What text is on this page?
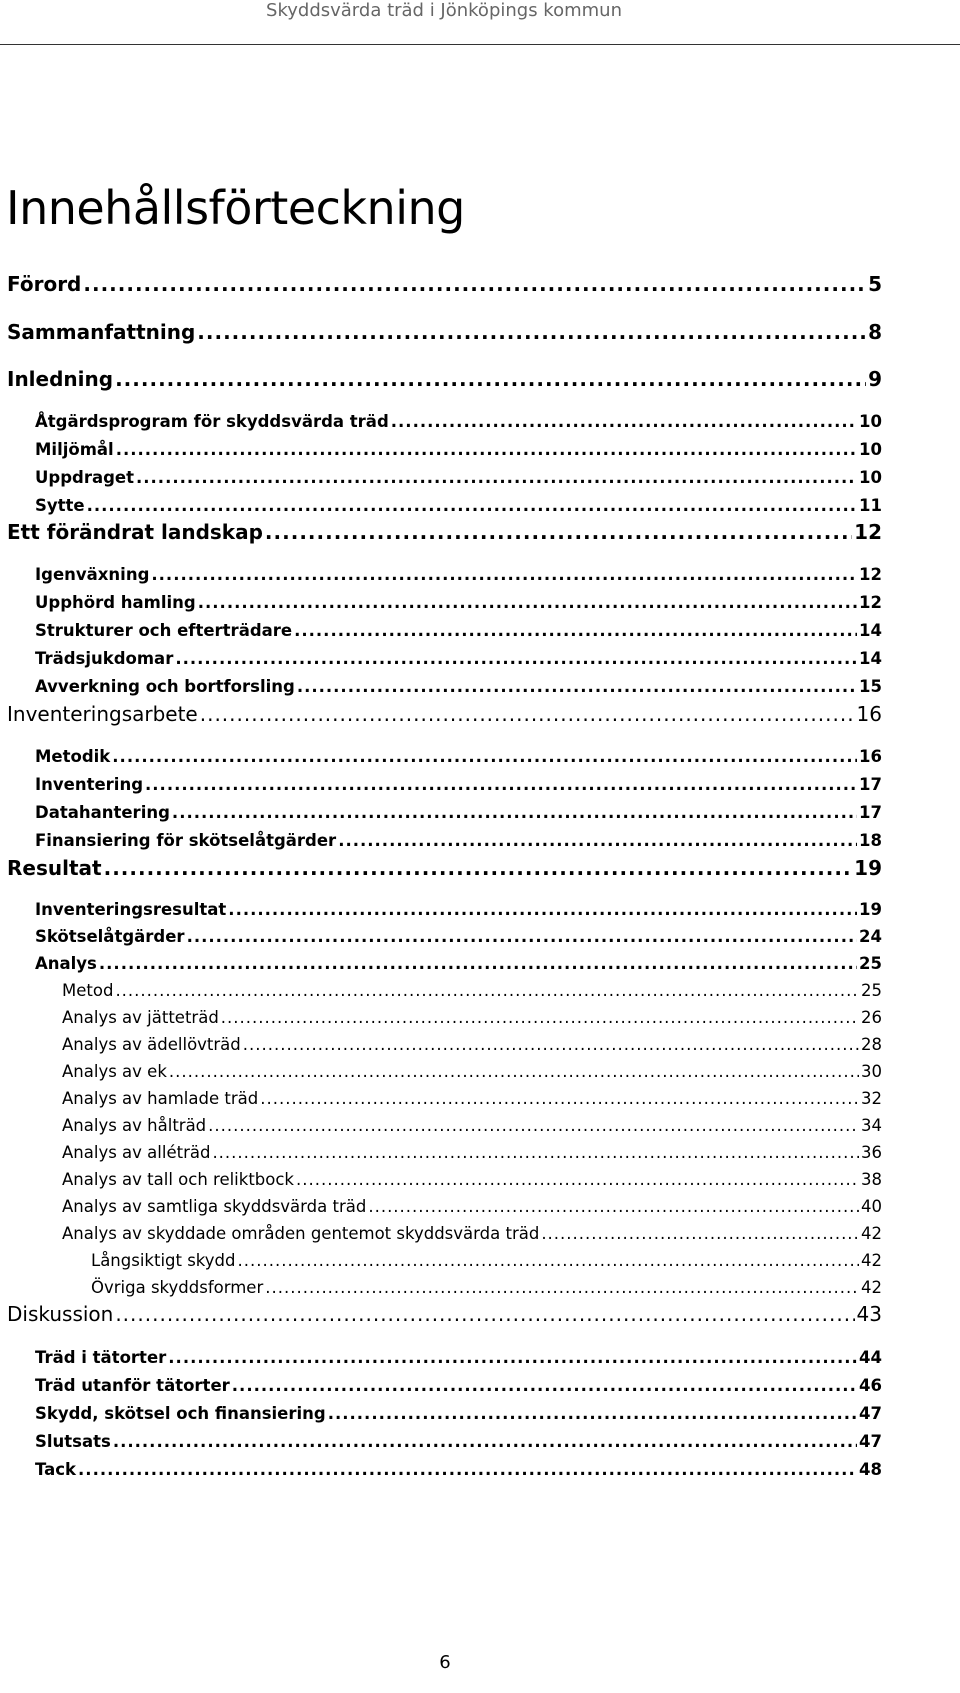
Skyddsvärda träd i Jönköpings kommun
Innehållsförteckning
Förord .....	5
Sammanfattning .....	8
Inledning .....	9
Åtgärdsprogram för skyddsvärda träd .....	10
Miljömål .....	10
Uppdraget .....	10
Sytte .....	11
Ett förändrat landskap .....	12
Igenväxning .....	12
Upphörd hamling .....	12
Strukturer och efterträdare .....	14
Trädsjukdomar .....	14
Avverkning och bortforsling .....	15
Inventeringsarbete .....	16
Metodik .....	16
Inventering .....	17
Datahantering .....	17
Finansiering för skötselåtgärder .....	18
Resultat .....	19
Inventeringsresultat .....	19
Skötselåtgärder .....	24
Analys .....	25
Metod .....	25
Analys av jätteträd .....	26
Analys av ädellövträd .....	28
Analys av ek .....	30
Analys av hamlade träd .....	32
Analys av hålträd .....	34
Analys av alléträd .....	36
Analys av tall och reliktbock .....	38
Analys av samtliga skyddsvärda träd .....	40
Analys av skyddade områden gentemot skyddsvärda träd .....	42
Långsiktigt skydd .....	42
Övriga skyddsformer .....	42
Diskussion .....	43
Träd i tätorter .....	44
Träd utanför tätorter .....	46
Skydd, skötsel och finansiering .....	47
Slutsats .....	47
Tack .....	48
6
